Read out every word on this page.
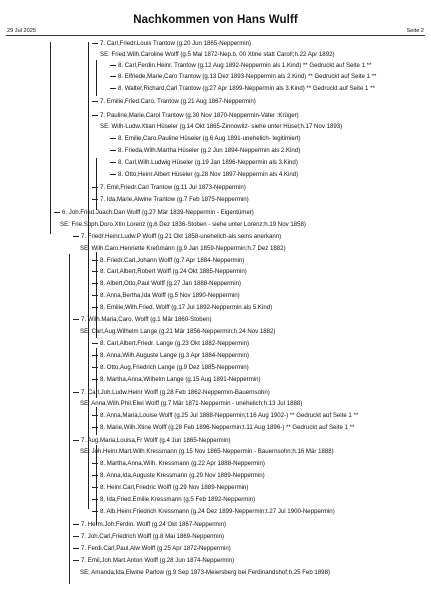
Nachkommen von Hans Wulff
29 Jul 2025	Seite 2
7. Carl,Friedr.Louis Trantow (g.20 Jun 1865-Neppermin)
SE: Fried.Wilh.Caroline Wolff (g.5 Mai 1872-Nep.b. 00 Xtine statt Carol!;h.22 Apr 1892)
8. Carl,Ferdin.Heinr. Trantow (g.12 Aug 1892-Neppermin als 1.Kind) ** Gedruckt auf Seite 1 **
8. Elfriede,Marie,Caro Trantow (g.13 Dez 1893-Neppermin als 2.Kind) ** Gedruckt auf Seite 1 **
8. Walter,Richard,Carl Trantow (g.27 Apr 1899-Neppermin als 3.Kind) ** Gedruckt auf Seite 1 **
7. Emilie,Fried.Caro. Trantow (g.21 Aug 1867-Neppermin)
7. Pauline,Marie,Carol Trantow (g.30 Nov 1870-Neppermin-Vater :Krüger)
SE: Wilh-Ludw.Xtian Hüseler (g.14 Okt 1865-Zinnowitz- siehe unter Hüsel;h.17 Nov 1893)
8. Emilie,Caro.Pauline Hüseler (g.6 Aug 1891-unehelich- legitimiert)
8. Frieda,Wilh.Martha Hüseler (g.2 Jun 1894-Neppermin als 2.Kind)
8. Carl,Wilh.Ludwig Hüseler (g.19 Jan 1896-Neppermin als 3.Kind)
8. Otto,Heinr.Albert Hüseler (g.28 Nov 1897-Neppermin als 4.Kind)
7. Emil,Friedr.Carl Trantow (g.11 Jul 1873-Neppermin)
7. Ida,Marie,Alwine Trantow (g.7 Feb 1875-Neppermin)
6. Joh.Fried.Joach.Dan Wulff (g.27 Mär 1839-Neppermin - Eigentümer)
SE: Frie.Soph.Doro.Xtin Lorenz (g.6 Dez 1836-Stoben - siehe unter Lorenz;h.19 Nov 1858)
7. Friedr.Heinr.Ludw.P Wolff (g.21 Okt 1858-unehelich-als seins anerkann)
SE: Wilh.Caro.Henriette Kreßmann (g.9 Jan 1859-Neppermin;h.7 Dez 1882)
8. Friedr.Carl,Johann Wolff (g.7 Apr 1884-Neppermin)
8. Carl,Albert,Robert Wolff (g.24 Okt 1885-Neppermin)
8. Albert,Otto,Paul Wolff (g.27 Jan 1888-Neppermin)
8. Anna,Bertha,Ida Wolff (g.5 Nov 1890-Neppermin)
8. Emilie,Wilh.Fried. Wolff (g.17 Jul 1892-Neppermin als 5.Kind)
7. Wilh.Maria,Caro. Wolff (g.1 Mär 1860-Stoben)
SE: Carl,Aug.Wilhelm Lange (g.21 Mär 1856-Neppermin;h.24 Nov 1882)
8. Carl,Albert,Friedr. Lange (g.23 Okt 1882-Neppermin)
8. Anna,Wilh.Auguste Lange (g.3 Apr 1884-Neppermin)
8. Otto,Aug.Friedrich Lange (g.9 Dez 1885-Neppermin)
8. Martha,Anna,Wilhelm Lange (g.15 Aug 1891-Neppermin)
7. Carl,Joh.Ludw.Heinr Wolff (g.28 Feb 1862-Neppermin-Bauernsohn)
SE: Anna,Wilh.Phil.Elwi Wolff (g.7 Mär 1871-Neppermin - unehelich;h.13 Jul 1888)
8. Anna,Maria,Louise Wolff (g.25 Jul 1888-Neppermin;t.16 Aug 1902-) ** Gedruckt auf Seite 1 **
8. Marie,Wilh.Xtine Wolff (g.28 Feb 1896-Neppermin;t.11 Aug 1896-) ** Gedruckt auf Seite 1 **
7. Aug.Maria,Louisa,Fr Wolff (g.4 Jun 1865-Neppermin)
SE: Joh.Heinr.Mart.Wilh Kressmann (g.15 Nov 1865-Neppermin - Bauernsohn;h.16 Mär 1888)
8. Martha,Anna,Wilh. Kressmann (g.22 Apr 1888-Neppermin)
8. Anna,Ida,Auguste Kressmann (g.29 Nov 1889-Neppermin)
8. Heinr.Carl,Friedric Wolff (g.29 Nov 1889-Neppermin)
8. Ida,Fried.Emilie Kressmann (g.5 Feb 1892-Neppermin)
8. Alb.Heinr.Friedrich Kressmann (g.24 Dez 1899-Neppermin;t.27 Jul 1900-Neppermin)
7. Herm.Joh.Ferdin. Wolff (g.24 Okt 1867-Neppermin)
7. Joh.Carl,Friedrich Wolff (g.8 Mai 1869-Neppermin)
7. Ferdi.Carl,Paul,Alw Wolff (g.25 Apr 1872-Neppermin)
7. Emil,Joh.Mart.Anton Wolff (g.28 Jun 1874-Neppermin)
SE: Amanda,Ida,Elwine Parlow (g.9 Sep 1873-Meiersberg bei Ferdinandshof;h.25 Feb 1898)
